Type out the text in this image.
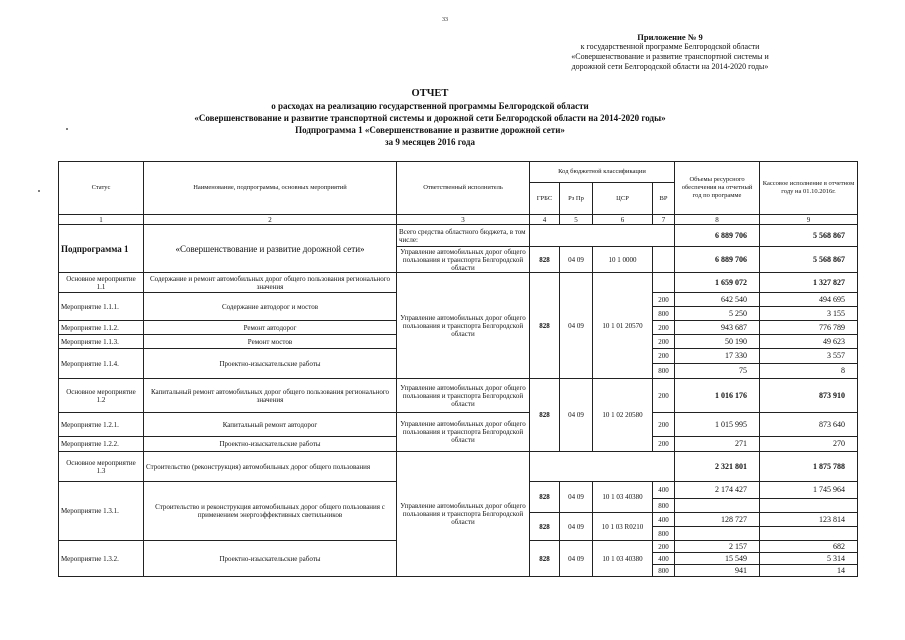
33
Приложение № 9
к государственной программе Белгородской области
«Совершенствование и развитие транспортной системы и
дорожной сети Белгородской области на 2014-2020 годы»
ОТЧЕТ
о расходах на реализацию государственной программы Белгородской области
«Совершенствование и развитие транспортной системы и дорожной сети Белгородской области на 2014-2020 годы»
Подпрограмма 1 «Совершенствование и развитие дорожной сети»
за 9 месяцев 2016 года
Статус	Наименование, подпрограммы, основных мероприятий	Ответственный исполнитель	Код бюджетной классификации				Объемы ресурсного обеспечения на отчетный год по программе	Кассовое исполнение в отчетном году на 01.10.2016г.
			ГРБС	Рз Пр	ЦСР	ВР		
1	2	3	4	5	6	7	8	9
Подпрограмма 1	«Совершенствование и развитие дорожной сети»	Всего средства областного бюджета, в том числе:					6 889 706	5 568 867
		Управление автомобильных дорог общего пользования и транспорта Белгородской области	828	04 09	10 1 0000		6 889 706	5 568 867
Основное мероприятие 1.1	Содержание и ремонт автомобильных дорог общего пользования регионального значения	Управление автомобильных дорог общего пользования и транспорта Белгородской области	828	04 09	10 1 01 20570		1 659 072	1 327 827
Мероприятие 1.1.1.	Содержание автодорог и мостов					200	642 540	494 695
						800	5 250	3 155
Мероприятие 1.1.2.	Ремонт автодорог					200	943 687	776 789
Мероприятие 1.1.3.	Ремонт мостов					200	50 190	49 623
Мероприятие 1.1.4.	Проектно-изыскательские работы					200	17 330	3 557
						800	75	8
Основное мероприятие 1.2	Капитальный ремонт автомобильных дорог общего пользования регионального значения	Управление автомобильных дорог общего пользования и транспорта Белгородской области	828	04 09	10 1 02 20580	200	1 016 176	873 910
Мероприятие 1.2.1.	Капитальный ремонт автодорог	Управление автомобильных дорог общего пользования и транспорта Белгородской области				200	1 015 995	873 640
Мероприятие 1.2.2.	Проектно-изыскательские работы					200	271	270
Основное мероприятие 1.3	Строительство (реконструкция) автомобильных дорог общего пользования	Управление автомобильных дорог общего пользования и транспорта Белгородской области					2 321 801	1 875 788
Мероприятие 1.3.1.	Строительство и реконструкция автомобильных дорог общего пользования с применением энергоэффективных светильников		828	04 09	10 1 03 40380	400	2 174 427	1 745 964
						800		
			828	04 09	10 1 03 R0210	400	128 727	123 814
						800		
Мероприятие 1.3.2.	Проектно-изыскательские работы		828	04 09	10 1 03 40380	200	2 157	682
						400	15 549	5 314
						800	941	14
